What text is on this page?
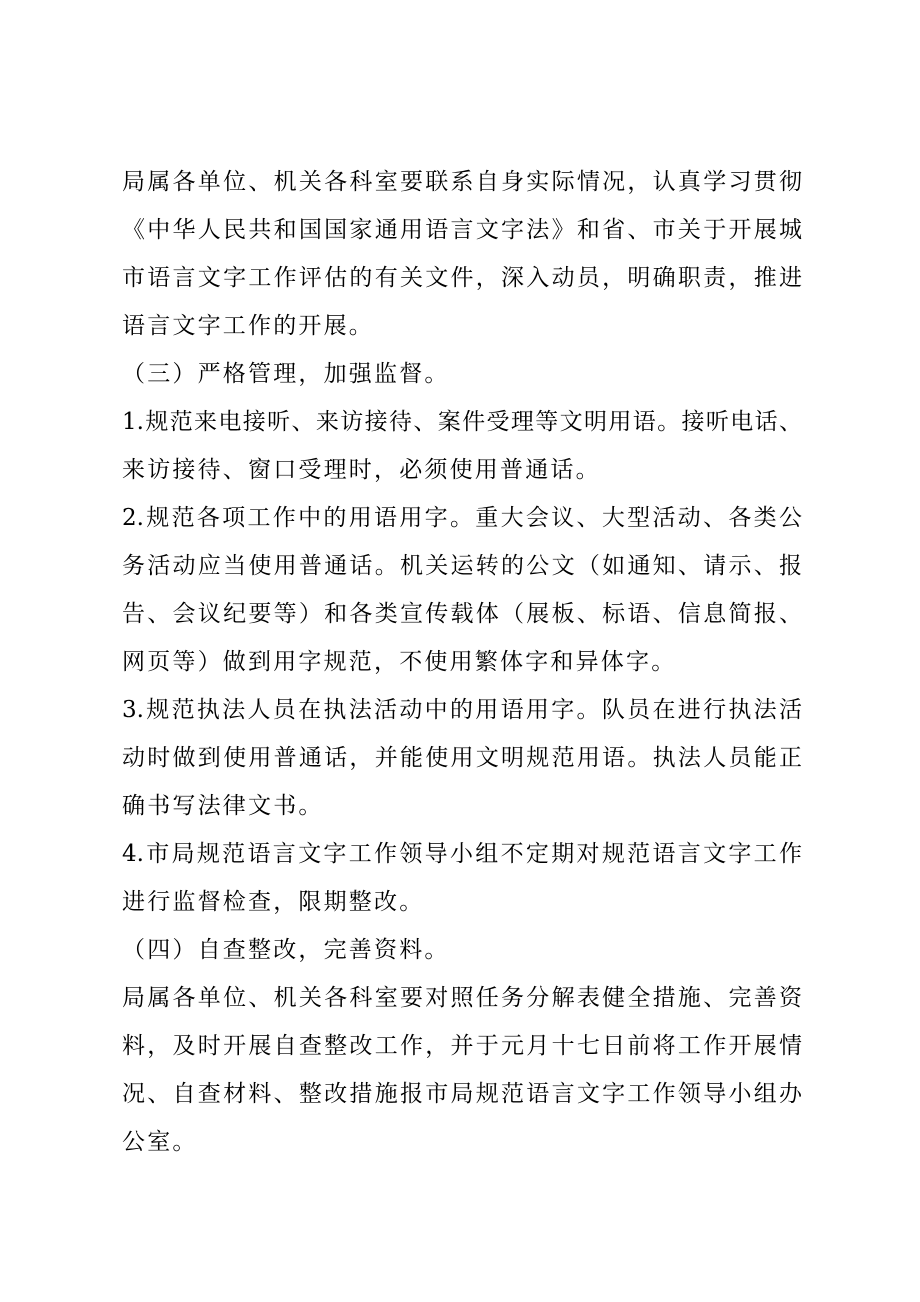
局属各单位、机关各科室要联系自身实际情况，认真学习贯彻
《中华人民共和国国家通用语言文字法》和省、市关于开展城
市语言文字工作评估的有关文件，深入动员，明确职责，推进
语言文字工作的开展。
（三）严格管理，加强监督。
1.规范来电接听、来访接待、案件受理等文明用语。接听电话、
来访接待、窗口受理时，必须使用普通话。
2.规范各项工作中的用语用字。重大会议、大型活动、各类公
务活动应当使用普通话。机关运转的公文（如通知、请示、报
告、会议纪要等）和各类宣传载体（展板、标语、信息简报、
网页等）做到用字规范，不使用繁体字和异体字。
3.规范执法人员在执法活动中的用语用字。队员在进行执法活
动时做到使用普通话，并能使用文明规范用语。执法人员能正
确书写法律文书。
4.市局规范语言文字工作领导小组不定期对规范语言文字工作
进行监督检查，限期整改。
（四）自查整改，完善资料。
局属各单位、机关各科室要对照任务分解表健全措施、完善资
料，及时开展自查整改工作，并于元月十七日前将工作开展情
况、自查材料、整改措施报市局规范语言文字工作领导小组办
公室。
